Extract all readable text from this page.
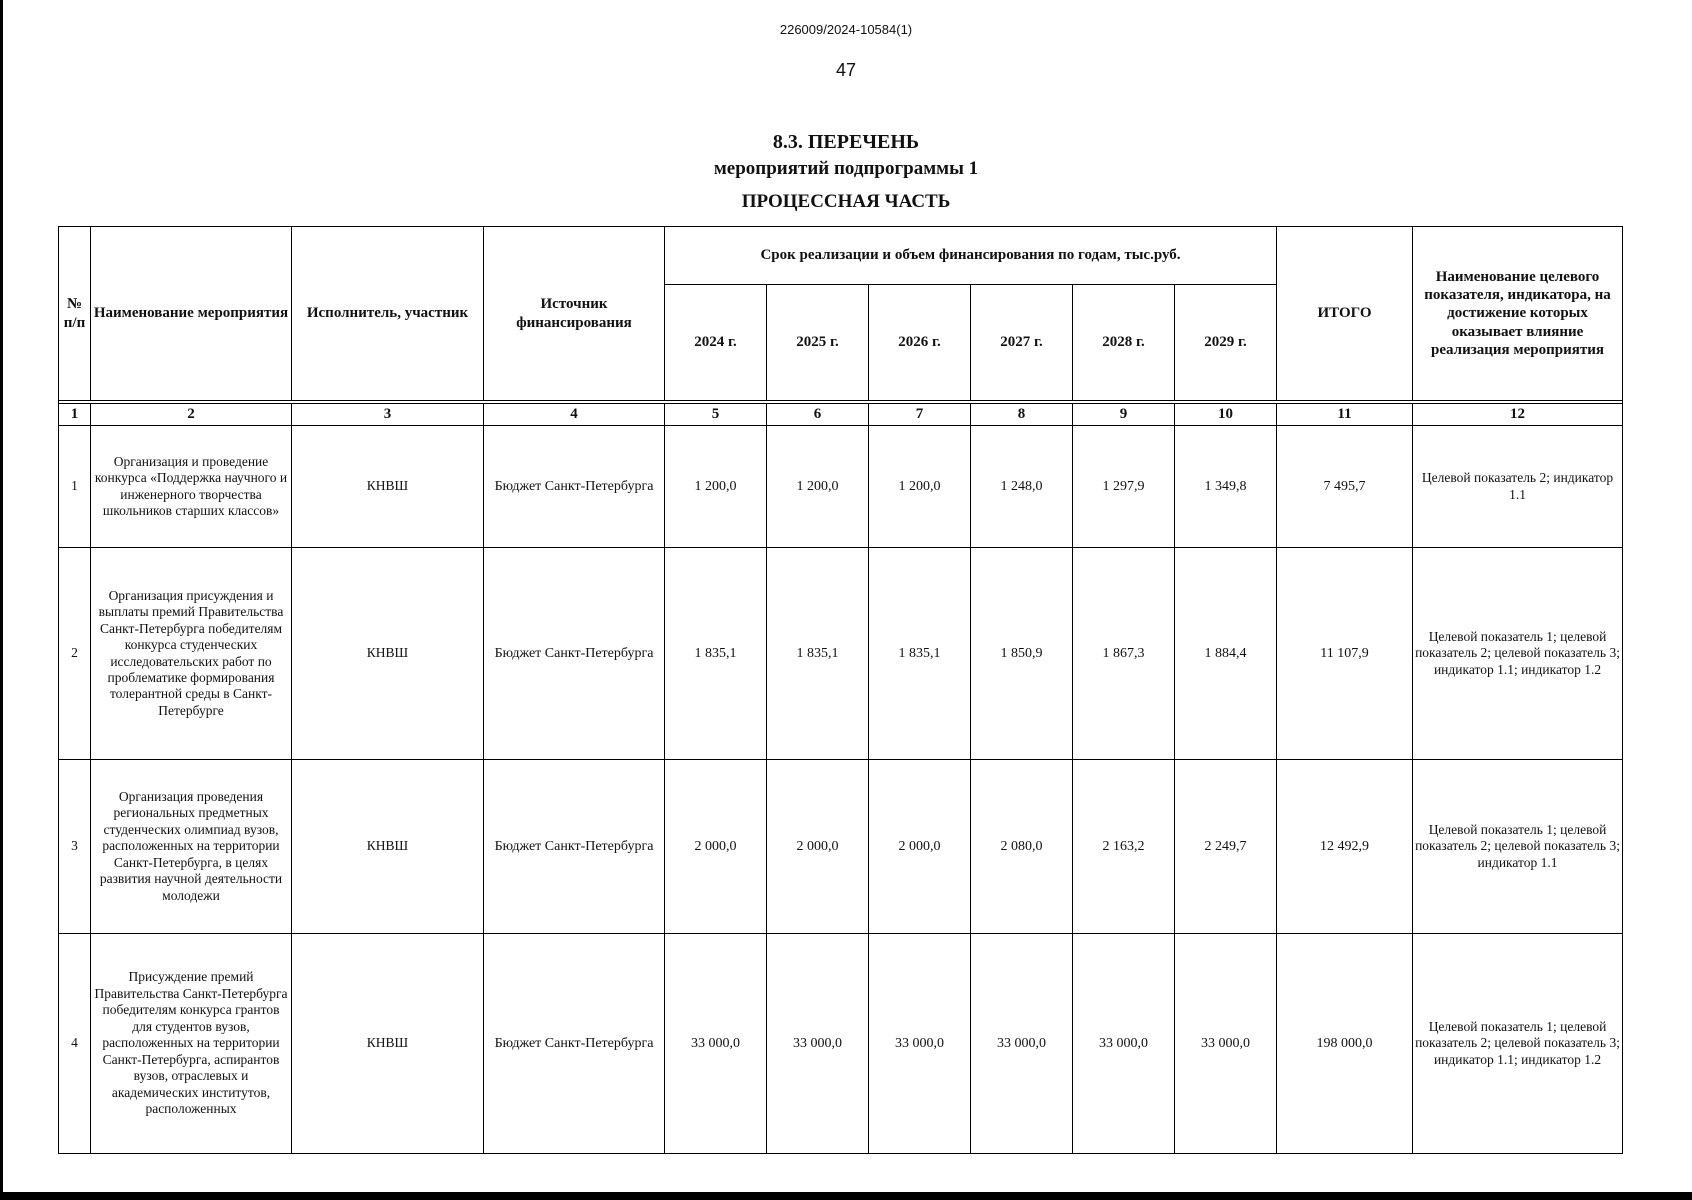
226009/2024-10584(1)
47
8.3. ПЕРЕЧЕНЬ
мероприятий подпрограммы 1
ПРОЦЕССНАЯ ЧАСТЬ
№ п/п	Наименование мероприятия	Исполнитель, участник	Источник финансирования	Срок реализации и объем финансирования по годам, тыс.руб.						ИТОГО	Наименование целевого показателя, индикатора, на достижение которых оказывает влияние реализация мероприятия
				2024 г.	2025 г.	2026 г.	2027 г.	2028 г.	2029 г.		

1	2	3	4	5	6	7	8	9	10	11	12
1	Организация и проведение конкурса «Поддержка научного и инженерного творчества школьников старших классов»	КНВШ	Бюджет Санкт-Петербурга	1 200,0	1 200,0	1 200,0	1 248,0	1 297,9	1 349,8	7 495,7	Целевой показатель 2; индикатор 1.1
2	Организация присуждения и выплаты премий Правительства Санкт-Петербурга победителям конкурса студенческих исследовательских работ по проблематике формирования толерантной среды в Санкт-Петербурге	КНВШ	Бюджет Санкт-Петербурга	1 835,1	1 835,1	1 835,1	1 850,9	1 867,3	1 884,4	11 107,9	Целевой показатель 1; целевой показатель 2; целевой показатель 3; индикатор 1.1; индикатор 1.2
3	Организация проведения региональных предметных студенческих олимпиад вузов, расположенных на территории Санкт-Петербурга, в целях развития научной деятельности молодежи	КНВШ	Бюджет Санкт-Петербурга	2 000,0	2 000,0	2 000,0	2 080,0	2 163,2	2 249,7	12 492,9	Целевой показатель 1; целевой показатель 2; целевой показатель 3; индикатор 1.1
4	Присуждение премий Правительства Санкт-Петербурга победителям конкурса грантов для студентов вузов, расположенных на территории Санкт-Петербурга, аспирантов вузов, отраслевых и академических институтов, расположенных	КНВШ	Бюджет Санкт-Петербурга	33 000,0	33 000,0	33 000,0	33 000,0	33 000,0	33 000,0	198 000,0	Целевой показатель 1; целевой показатель 2; целевой показатель 3; индикатор 1.1; индикатор 1.2
